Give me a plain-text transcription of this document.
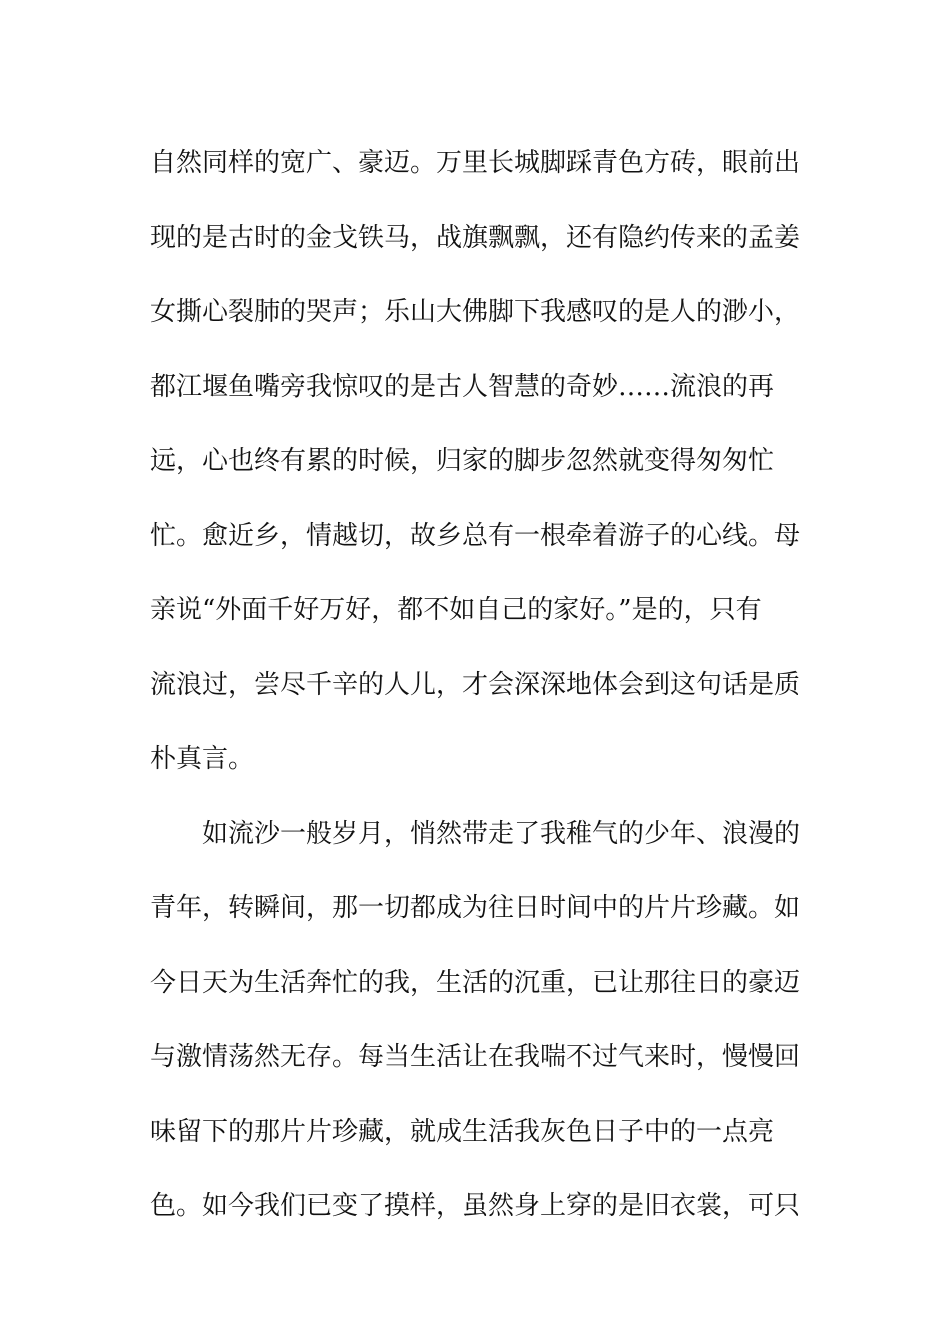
自然同样的宽广、豪迈。万里长城脚踩青色方砖，眼前出
现的是古时的金戈铁马，战旗飘飘，还有隐约传来的孟姜
女撕心裂肺的哭声；乐山大佛脚下我感叹的是人的渺小，
都江堰鱼嘴旁我惊叹的是古人智慧的奇妙……流浪的再
远，心也终有累的时候，归家的脚步忽然就变得匆匆忙
忙。愈近乡，情越切，故乡总有一根牵着游子的心线。母
亲说“外面千好万好，都不如自己的家好。”是的，只有
流浪过，尝尽千辛的人儿，才会深深地体会到这句话是质
朴真言。
如流沙一般岁月，悄然带走了我稚气的少年、浪漫的
青年，转瞬间，那一切都成为往日时间中的片片珍藏。如
今日天为生活奔忙的我，生活的沉重，已让那往日的豪迈
与激情荡然无存。每当生活让在我喘不过气来时，慢慢回
味留下的那片片珍藏，就成生活我灰色日子中的一点亮
色。如今我们已变了摸样，虽然身上穿的是旧衣裳，可只
